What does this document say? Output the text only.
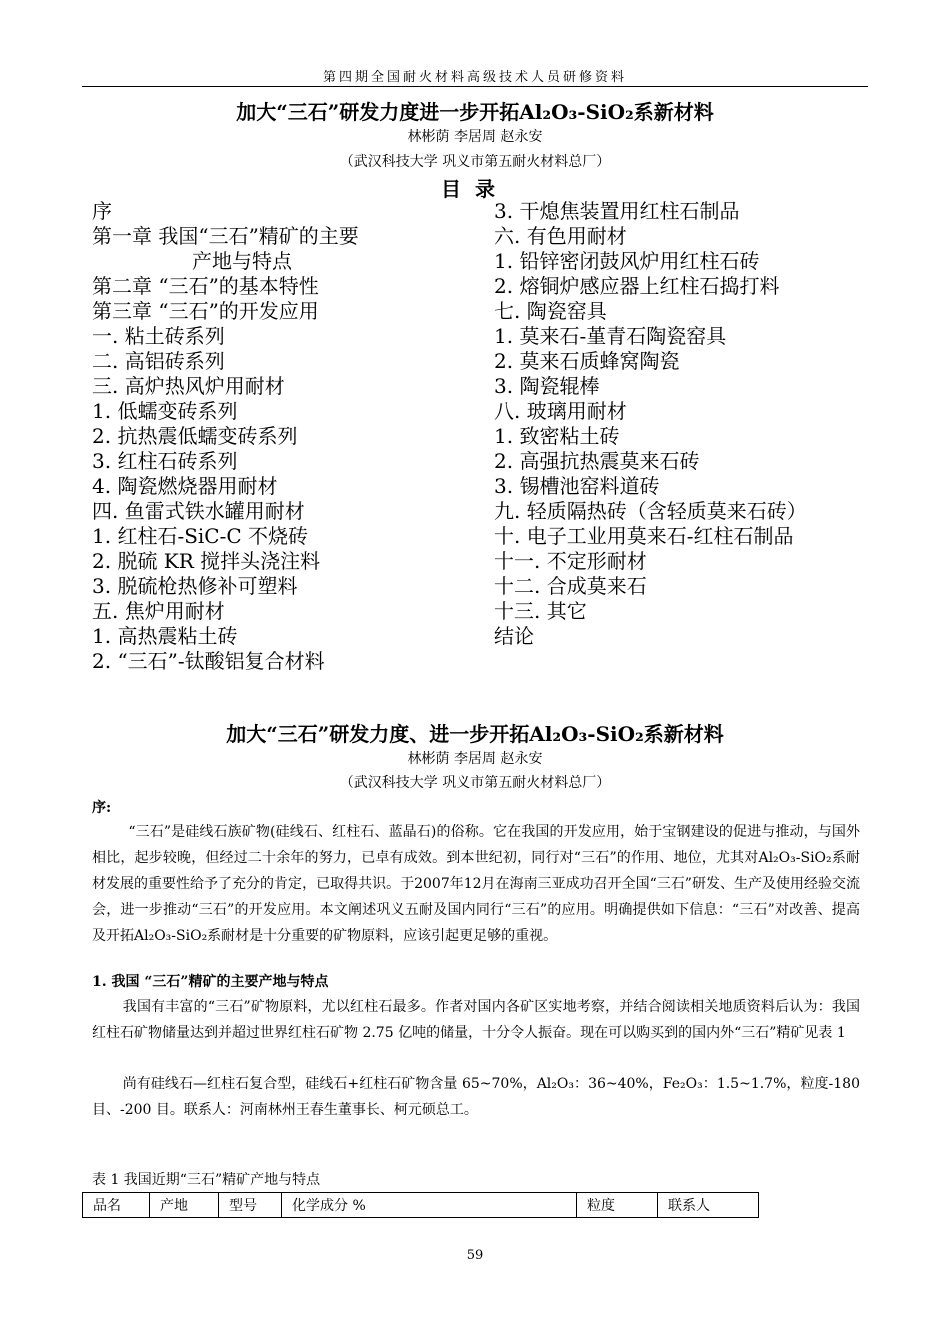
第四期全国耐火材料高级技术人员研修资料
加大“三石”研发力度进一步开拓Al₂O₃-SiO₂系新材料
林彬荫 李居周 赵永安
（武汉科技大学 巩义市第五耐火材料总厂）
目录
序
第一章 我国“三石”精矿的主要
产地与特点
第二章 “三石”的基本特性
第三章 “三石”的开发应用
一. 粘土砖系列
二. 高铝砖系列
三. 高炉热风炉用耐材
1. 低蠕变砖系列
2. 抗热震低蠕变砖系列
3. 红柱石砖系列
4. 陶瓷燃烧器用耐材
四. 鱼雷式铁水罐用耐材
1. 红柱石-SiC-C 不烧砖
2. 脱硫 KR 搅拌头浇注料
3. 脱硫枪热修补可塑料
五. 焦炉用耐材
1. 高热震粘土砖
2. “三石”-钛酸铝复合材料
3. 干熄焦装置用红柱石制品
六. 有色用耐材
1. 铅锌密闭鼓风炉用红柱石砖
2. 熔铜炉感应器上红柱石捣打料
七. 陶瓷窑具
1. 莫来石-堇青石陶瓷窑具
2. 莫来石质蜂窝陶瓷
3. 陶瓷辊棒
八. 玻璃用耐材
1. 致密粘土砖
2. 高强抗热震莫来石砖
3. 锡槽池窑料道砖
九. 轻质隔热砖（含轻质莫来石砖）
十. 电子工业用莫来石-红柱石制品
十一. 不定形耐材
十二. 合成莫来石
十三. 其它
结论
加大“三石”研发力度、进一步开拓Al₂O₃-SiO₂系新材料
林彬荫 李居周 赵永安
（武汉科技大学 巩义市第五耐火材料总厂）
序:
“三石”是硅线石族矿物(硅线石、红柱石、蓝晶石)的俗称。它在我国的开发应用，始于宝钢建设的促进与推动，与国外相比，起步较晚，但经过二十余年的努力，已卓有成效。到本世纪初，同行对“三石”的作用、地位，尤其对Al₂O₃-SiO₂系耐材发展的重要性给予了充分的肯定，已取得共识。于2007年12月在海南三亚成功召开全国“三石”研发、生产及使用经验交流会，进一步推动“三石”的开发应用。本文阐述巩义五耐及国内同行“三石”的应用。明确提供如下信息：“三石”对改善、提高及开拓Al₂O₃-SiO₂系耐材是十分重要的矿物原料，应该引起更足够的重视。
1. 我国 “三石”精矿的主要产地与特点
我国有丰富的“三石”矿物原料，尤以红柱石最多。作者对国内各矿区实地考察，并结合阅读相关地质资料后认为：我国红柱石矿物储量达到并超过世界红柱石矿物 2.75 亿吨的储量，十分令人振奋。现在可以购买到的国内外“三石”精矿见表 1
尚有硅线石—红柱石复合型，硅线石+红柱石矿物含量 65~70%，Al₂O₃：36~40%，Fe₂O₃：1.5~1.7%，粒度-180 目、-200 目。联系人：河南林州王春生董事长、柯元硕总工。
表 1 我国近期“三石”精矿产地与特点
品名	产地	型号	化学成分 %	粒度	联系人
59
